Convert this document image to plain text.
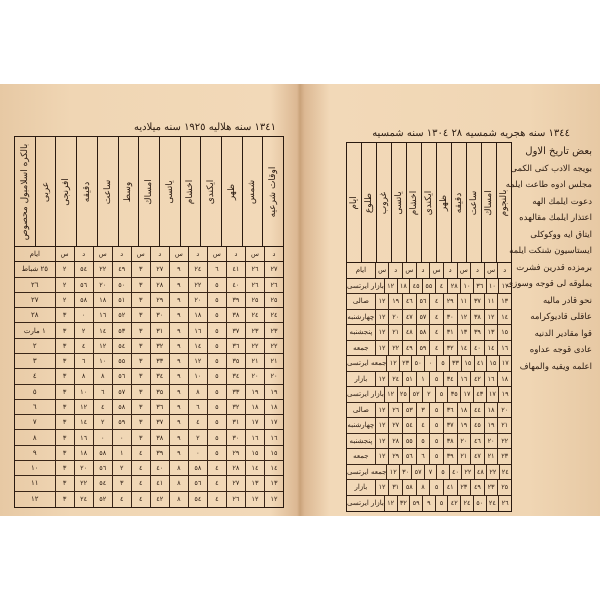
١٣٤١ سنه هلاليه ١٩٢٥ سنه ميلاديه
اوقات شرعيه
شمس
ظهر
ايكندى
اخشام
ياتسى
امساك
وسط
ساعت
دقيقه
افرنجى
عربى
بالكره اسلامبول محصوص
د
س
د
س
د
س
د
س
د
س
د
س
ايام
٢٧
٢٦
٤١
٦
٢٤
٩
٢٧
٣
٤٩
٢٢
٥٤
٢
٢٥ شباط
٢٦
٢٦
٤٠
٥
٢٢
٩
٢٨
٣
٥٠
٢٠
٥٦
٢
٢٦
٢٥
٢٥
٣٩
٥
٢٠
٩
٢٩
٣
٥١
١٨
٥٨
٢
٢٧
٢٤
٢٤
٣٨
٥
١٨
٩
٣٠
٣
٥٢
١٦
٠
٣
٢٨
٢٣
٢٣
٣٧
٥
١٦
٩
٣١
٣
٥٣
١٤
٢
٣
١ مارت
٢٢
٢٢
٣٦
٥
١٤
٩
٣٢
٣
٥٤
١٢
٤
٣
٢
٢١
٢١
٣٥
٥
١٢
٩
٣٣
٣
٥٥
١٠
٦
٣
٣
٢٠
٢٠
٣٤
٥
١٠
٩
٣٤
٣
٥٦
٨
٨
٣
٤
١٩
١٩
٣٣
٥
٨
٩
٣٥
٣
٥٧
٦
١٠
٣
٥
١٨
١٨
٣٢
٥
٦
٩
٣٦
٣
٥٨
٤
١٢
٣
٦
١٧
١٧
٣١
٥
٤
٩
٣٧
٣
٥٩
٢
١٤
٣
٧
١٦
١٦
٣٠
٥
٢
٩
٣٨
٣
٠
٠
١٦
٣
٨
١٥
١٥
٢٩
٥
٠
٩
٣٩
٤
١
٥٨
١٨
٣
٩
١٤
١٤
٢٨
٤
٥٨
٨
٤٠
٤
٢
٥٦
٢٠
٣
١٠
١٣
١٣
٢٧
٤
٥٦
٨
٤١
٤
٣
٥٤
٢٢
٣
١١
١٢
١٢
٢٦
٤
٥٤
٨
٤٢
٤
٤
٥٢
٢٤
٣
١٢
١٣٤٤ سنه هجريه شمسيه ٢٨ ١٣٠٤ سنه شمسيه
بالنجوم
امساك
ساعت
دقيقه
ظهر
ايكندى
اخشام
ياتسى
غروب
طلوع
ايام
د
س
د
س
د
س
د
س
د
س
ايام
١٢
١٠
٣٦
١٠
٢٨
٤
٥٥
٤٥
١٨
١٢
بازار ايرتسى
١٣
١١
٣٧
١١
٢٩
٤
٥٦
٤٦
١٩
١٢
صالى
١٤
١٢
٣٨
١٢
٣٠
٤
٥٧
٤٧
٢٠
١٢
چهارشنبه
١٥
١٣
٣٩
١٣
٣١
٤
٥٨
٤٨
٢١
١٢
پنجشنبه
١٦
١٤
٤٠
١٤
٣٢
٤
٥٩
٤٩
٢٢
١٢
جمعه
١٧
١٥
٤١
١٥
٣٣
٥
٠
٥٠
٢٣
١٢
جمعه ايرتسى
١٨
١٦
٤٢
١٦
٣٤
٥
١
٥١
٢٤
١٢
بازار
١٩
١٧
٤٣
١٧
٣٥
٥
٢
٥٢
٢٥
١٢
بازار ايرتسى
٢٠
١٨
٤٤
١٨
٣٦
٥
٣
٥٣
٢٦
١٢
صالى
٢١
١٩
٤٥
١٩
٣٧
٥
٤
٥٤
٢٧
١٢
چهارشنبه
٢٢
٢٠
٤٦
٢٠
٣٨
٥
٥
٥٥
٢٨
١٢
پنجشنبه
٢٣
٢١
٤٧
٢١
٣٩
٥
٦
٥٦
٢٩
١٢
جمعه
٢٤
٢٢
٤٨
٢٢
٤٠
٥
٧
٥٧
٣٠
١٢
جمعه ايرتسى
٢٥
٢٣
٤٩
٢٣
٤١
٥
٨
٥٨
٣١
١٢
بازار
٢٦
٢٤
٥٠
٢٤
٤٢
٥
٩
٥٩
٣٢
١٢
بازار ايرتسى
بعض تاريخ الاول
بويجه الادب كنى الكمى
مجلس ادوه طاعت ايلمه
دعوت ايلمك الهه
اعتذار ايلمك مقالهده
ايتاق ايه ووكوكلى
ايستاسيون شنكت ايلمه
برمزده قدرين فشرت
يملوقه لى قوجه وسوزى
نحو قادر ماليه
عاقلى قاديوكرامه
قوا مقادير الدنيه
عادى قوجه عداوه
اعلمه ويقيه والمهاف
